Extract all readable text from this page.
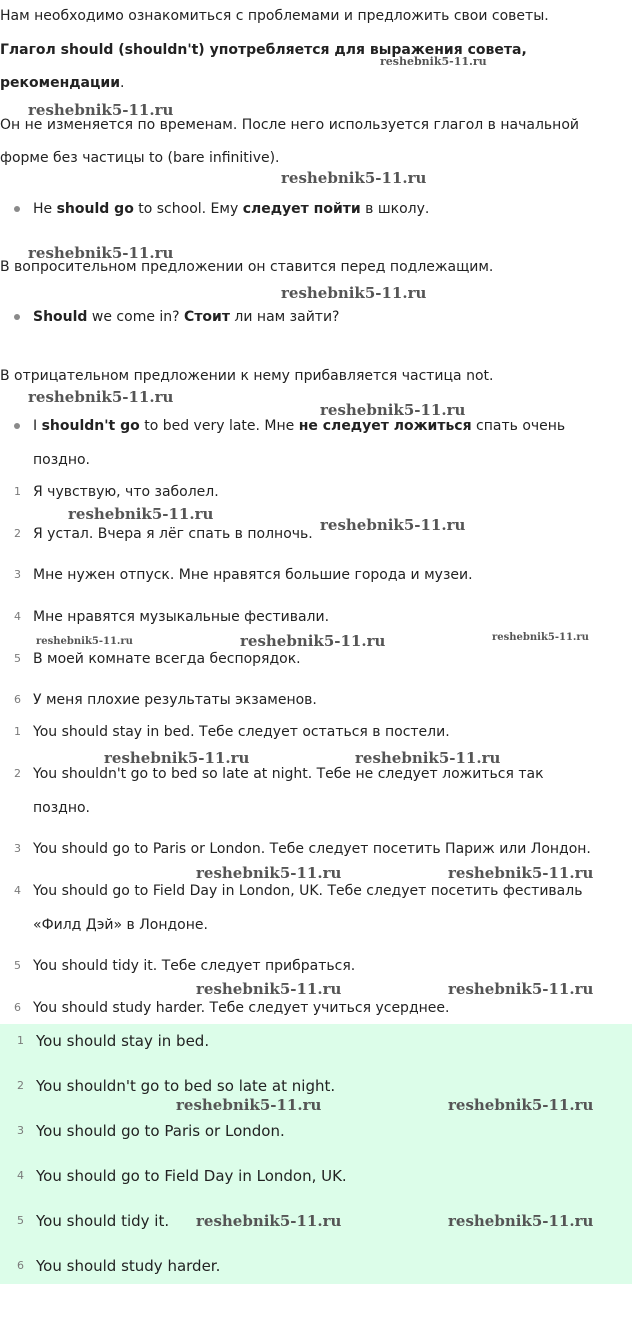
Нам необходимо ознакомиться с проблемами и предложить свои советы.
Глагол should (shouldn't) употребляется для выражения совета,
рекомендации.
Он не изменяется по временам. После него используется глагол в начальной
форме без частицы to (bare infinitive).
Не should go to school. Ему следует пойти в школу.
В вопросительном предложении он ставится перед подлежащим.
Should we come in? Стоит ли нам зайти?
В отрицательном предложении к нему прибавляется частица not.
I shouldn't go to bed very late. Мне не следует ложиться спать очень
поздно.
1 Я чувствую, что заболел.
2 Я устал. Вчера я лёг спать в полночь.
3 Мне нужен отпуск. Мне нравятся большие города и музеи.
4 Мне нравятся музыкальные фестивали.
5 В моей комнате всегда беспорядок.
6 У меня плохие результаты экзаменов.
1 You should stay in bed. Тебе следует остаться в постели.
2 You shouldn't go to bed so late at night. Тебе не следует ложиться так
поздно.
3 You should go to Paris or London. Тебе следует посетить Париж или Лондон.
4 You should go to Field Day in London, UK. Тебе следует посетить фестиваль
«Филд Дэй» в Лондоне.
5 You should tidy it. Тебе следует прибраться.
6 You should study harder. Тебе следует учиться усерднее.
1 You should stay in bed.
2 You shouldn't go to bed so late at night.
3 You should go to Paris or London.
4 You should go to Field Day in London, UK.
5 You should tidy it.
6 You should study harder.
reshebnik5-11.ru
reshebnik5-11.ru
reshebnik5-11.ru
reshebnik5-11.ru
reshebnik5-11.ru
reshebnik5-11.ru
reshebnik5-11.ru
reshebnik5-11.ru
reshebnik5-11.ru
reshebnik5-11.ru	reshebnik5-11.ru	reshebnik5-11.ru
reshebnik5-11.ru	reshebnik5-11.ru
reshebnik5-11.ru	reshebnik5-11.ru
reshebnik5-11.ru	reshebnik5-11.ru
reshebnik5-11.ru	reshebnik5-11.ru
reshebnik5-11.ru	reshebnik5-11.ru
